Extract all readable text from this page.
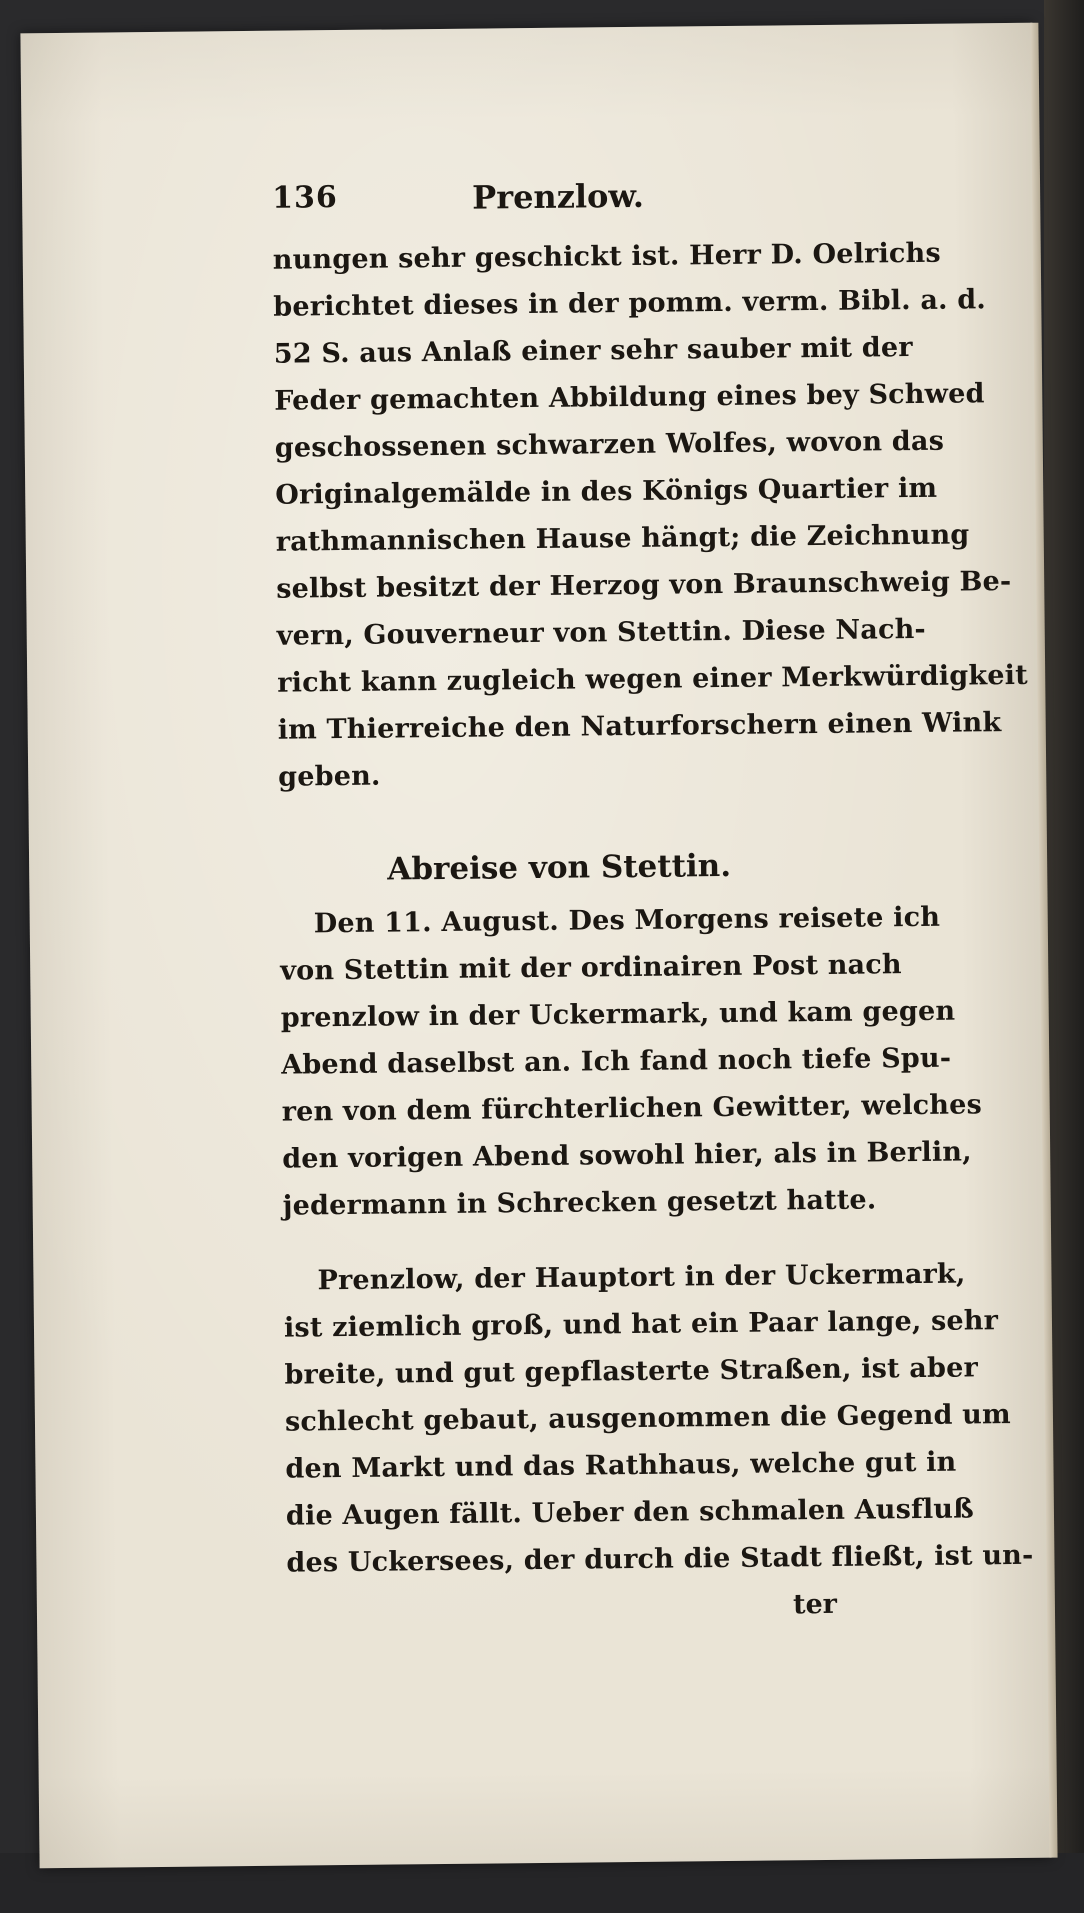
136	Prenzlow.
nungen sehr geschickt ist. Herr D. Oelrichs
berichtet dieses in der pomm. verm. Bibl. a. d.
52 S. aus Anlaß einer sehr sauber mit der
Feder gemachten Abbildung eines bey Schwed
geschossenen schwarzen Wolfes, wovon das
Originalgemälde in des Königs Quartier im
rathmannischen Hause hängt; die Zeichnung
selbst besitzt der Herzog von Braunschweig Be-
vern, Gouverneur von Stettin. Diese Nach-
richt kann zugleich wegen einer Merkwürdigkeit
im Thierreiche den Naturforschern einen Wink
geben.
Abreise von Stettin.
Den 11. August. Des Morgens reisete ich
von Stettin mit der ordinairen Post nach
prenzlow in der Uckermark, und kam gegen
Abend daselbst an. Ich fand noch tiefe Spu-
ren von dem fürchterlichen Gewitter, welches
den vorigen Abend sowohl hier, als in Berlin,
jedermann in Schrecken gesetzt hatte.
Prenzlow, der Hauptort in der Uckermark,
ist ziemlich groß, und hat ein Paar lange, sehr
breite, und gut gepflasterte Straßen, ist aber
schlecht gebaut, ausgenommen die Gegend um
den Markt und das Rathhaus, welche gut in
die Augen fällt. Ueber den schmalen Ausfluß
des Uckersees, der durch die Stadt fließt, ist un-
ter
